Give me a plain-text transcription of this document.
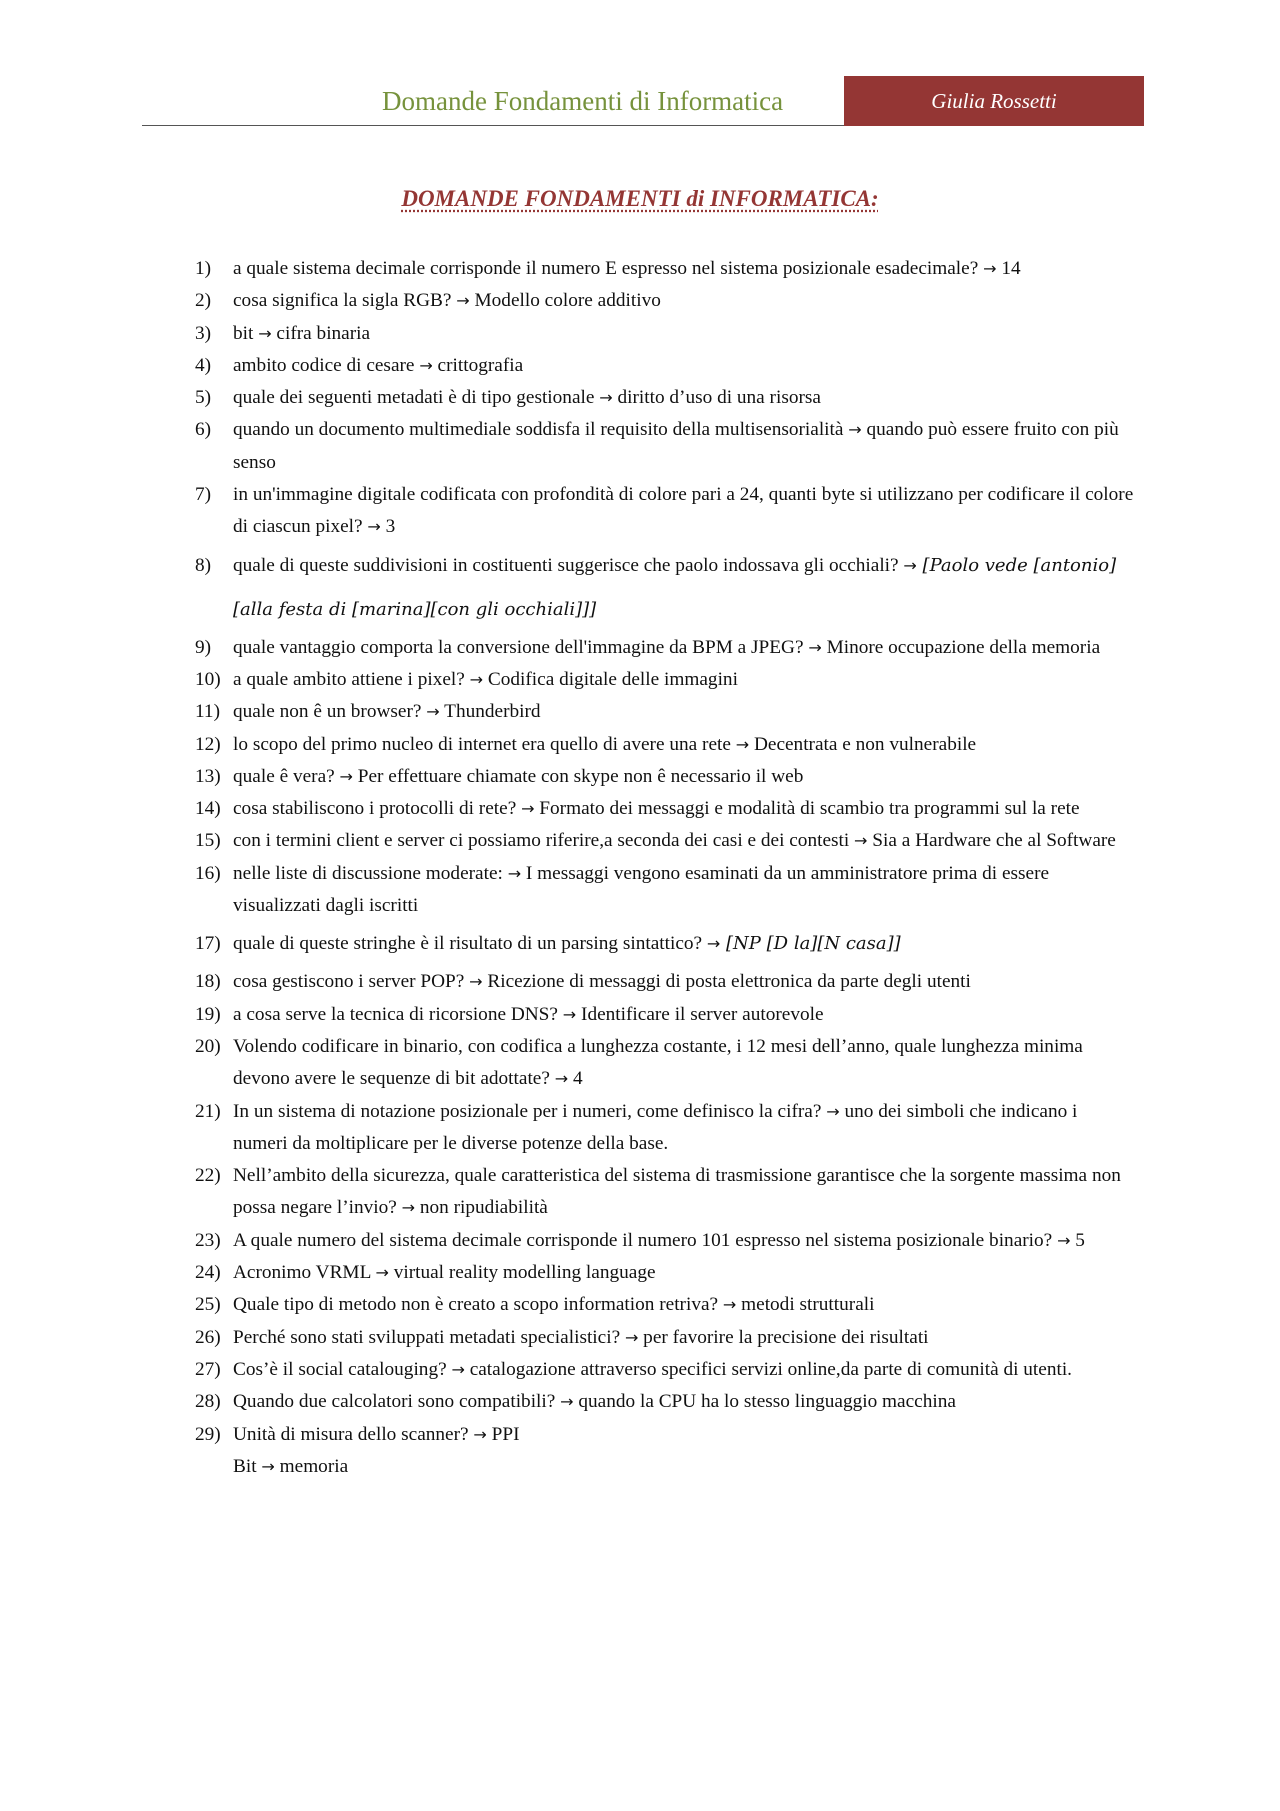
Domande Fondamenti di Informatica	Giulia Rossetti
DOMANDE FONDAMENTI di INFORMATICA:
1) a quale sistema decimale corrisponde il numero E espresso nel sistema posizionale esadecimale? → 14
2) cosa significa la sigla RGB? → Modello colore additivo
3) bit → cifra binaria
4) ambito codice di cesare → crittografia
5) quale dei seguenti metadati è di tipo gestionale → diritto d’uso di una risorsa
6) quando un documento multimediale soddisfa il requisito della multisensorialità → quando può essere fruito con più senso
7) in un'immagine digitale codificata con profondità di colore pari a 24, quanti byte si utilizzano per codificare il colore di ciascun pixel? → 3
8) quale di queste suddivisioni in costituenti suggerisce che paolo indossava gli occhiali? → [Paolo vede [antonio][alla festa di [marina][con gli occhiali]]]
9) quale vantaggio comporta la conversione dell'immagine da BPM a JPEG? → Minore occupazione della memoria
10) a quale ambito attiene i pixel? → Codifica digitale delle immagini
11) quale non ê un browser? → Thunderbird
12) lo scopo del primo nucleo di internet era quello di avere una rete → Decentrata e non vulnerabile
13) quale ê vera? → Per effettuare chiamate con skype non ê necessario il web
14) cosa stabiliscono i protocolli di rete? → Formato dei messaggi e modalità di scambio tra programmi sul la rete
15) con i termini client e server ci possiamo riferire,a seconda dei casi e dei contesti → Sia a Hardware che al Software
16) nelle liste di discussione moderate: → I messaggi vengono esaminati da un amministratore prima di essere visualizzati dagli iscritti
17) quale di queste stringhe è il risultato di un parsing sintattico? → [NP [D la][N casa]]
18) cosa gestiscono i server POP? → Ricezione di messaggi di posta elettronica da parte degli utenti
19) a cosa serve la tecnica di ricorsione DNS? → Identificare il server autorevole
20) Volendo codificare in binario, con codifica a lunghezza costante, i 12 mesi dell’anno, quale lunghezza minima devono avere le sequenze di bit adottate? → 4
21) In un sistema di notazione posizionale per i numeri, come definisco la cifra? → uno dei simboli che indicano i numeri da moltiplicare per le diverse potenze della base.
22) Nell’ambito della sicurezza, quale caratteristica del sistema di trasmissione garantisce che la sorgente massima non possa negare l’invio? → non ripudiabilità
23) A quale numero del sistema decimale corrisponde il numero 101 espresso nel sistema posizionale binario? → 5
24) Acronimo VRML → virtual reality modelling language
25) Quale tipo di metodo non è creato a scopo information retriva? → metodi strutturali
26) Perché sono stati sviluppati metadati specialistici? → per favorire la precisione dei risultati
27) Cos’è il social catalouging? → catalogazione attraverso specifici servizi online,da parte di comunità di utenti.
28) Quando due calcolatori sono compatibili? → quando la CPU ha lo stesso linguaggio macchina
29) Unità di misura dello scanner? → PPI
Bit → memoria
